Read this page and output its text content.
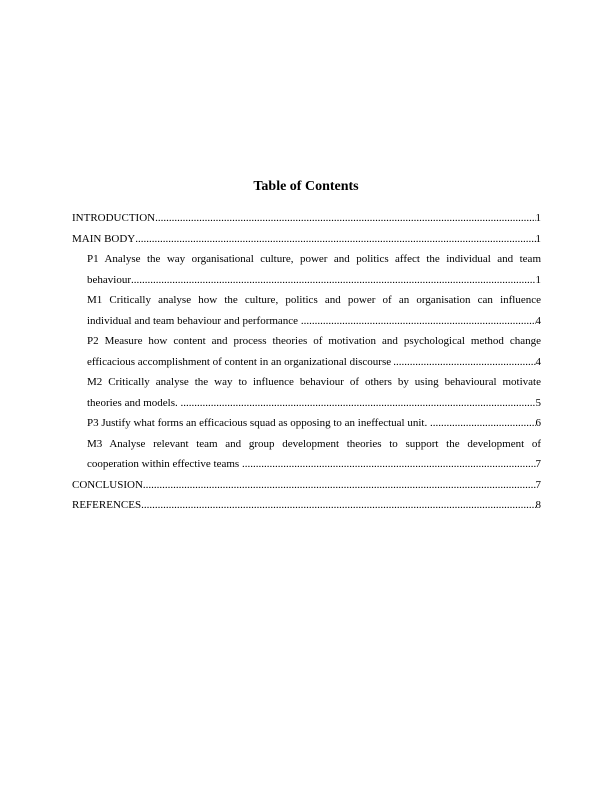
Table of Contents
INTRODUCTION .....	1
MAIN BODY .....	1
P1 Analyse the way organisational culture, power and politics affect the individual and team
behaviour .....	1
M1 Critically analyse how the culture, politics and power of an organisation can influence
individual and team behaviour and performance .....	4
P2 Measure how content and process theories of motivation and psychological method change
efficacious accomplishment of content in an organizational discourse .....	4
M2 Critically analyse the way to influence behaviour of others by using behavioural motivate
theories and models. .....	5
P3 Justify what forms an efficacious squad as opposing to an ineffectual unit. .....	6
M3 Analyse relevant team and group development theories to support the development of
cooperation within effective teams .....	7
CONCLUSION .....	7
REFERENCES .....	8
